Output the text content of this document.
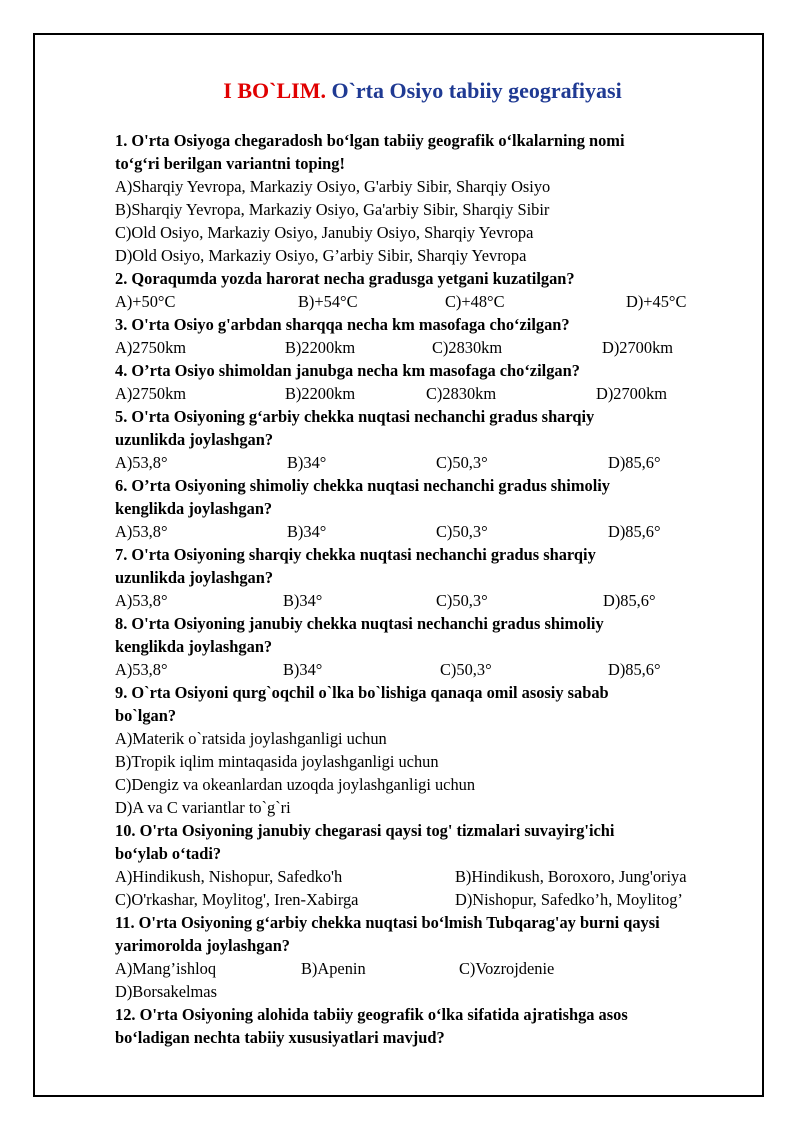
I BO`LIM. O`rta Osiyo tabiiy geografiyasi

1. O'rta Osiyoga chegaradosh bo‘lgan tabiiy geografik o‘lkalarning nomi

to‘g‘ri berilgan variantni toping!

A)Sharqiy Yevropa, Markaziy Osiyo, G'arbiy Sibir, Sharqiy Osiyo

B)Sharqiy Yevropa, Markaziy Osiyo, Ga'arbiy Sibir, Sharqiy Sibir

C)Old Osiyo, Markaziy Osiyo, Janubiy Osiyo, Sharqiy Yevropa

D)Old Osiyo, Markaziy Osiyo, G’arbiy Sibir, Sharqiy Yevropa

2. Qoraqumda yozda harorat necha gradusga yetgani kuzatilgan?

A)+50°C	B)+54°C	C)+48°C	D)+45°C

3. O'rta Osiyo g'arbdan sharqqa necha km masofaga cho‘zilgan?

A)2750km	B)2200km	C)2830km	D)2700km

4. O’rta Osiyo shimoldan janubga necha km masofaga cho‘zilgan?

A)2750km	B)2200km	C)2830km	D)2700km

5. O'rta Osiyoning g‘arbiy chekka nuqtasi nechanchi gradus sharqiy

uzunlikda joylashgan?

A)53,8°	B)34°	C)50,3°	D)85,6°

6. O’rta Osiyoning shimoliy chekka nuqtasi nechanchi gradus shimoliy

kenglikda joylashgan?

A)53,8°	B)34°	C)50,3°	D)85,6°

7. O'rta Osiyoning sharqiy chekka nuqtasi nechanchi gradus sharqiy

uzunlikda joylashgan?

A)53,8°	B)34°	C)50,3°	D)85,6°

8. O'rta Osiyoning janubiy chekka nuqtasi nechanchi gradus shimoliy

kenglikda joylashgan?

A)53,8°	B)34°	C)50,3°	D)85,6°

9. O`rta Osiyoni qurg`oqchil o`lka bo`lishiga qanaqa omil asosiy sabab

bo`lgan?

A)Materik o`ratsida joylashganligi uchun

B)Tropik iqlim mintaqasida joylashganligi uchun

C)Dengiz va okeanlardan uzoqda joylashganligi uchun

D)A va C variantlar to`g`ri

10. O'rta Osiyoning janubiy chegarasi qaysi tog' tizmalari suvayirg'ichi

bo‘ylab o‘tadi?

A)Hindikush, Nishopur, Safedko'h	B)Hindikush, Boroxoro, Jung'oriya
C)O'rkashar, Moylitog', Iren-Xabirga	D)Nishopur, Safedko’h, Moylitog’

11. O'rta Osiyoning g‘arbiy chekka nuqtasi bo‘lmish Tubqarag'ay burni qaysi

yarimorolda joylashgan?

A)Mang’ishloq	B)Apenin	C)Vozrojdenie

D)Borsakelmas

12. O'rta Osiyoning alohida tabiiy geografik o‘lka sifatida ajratishga asos

bo‘ladigan nechta tabiiy xususiyatlari mavjud?
